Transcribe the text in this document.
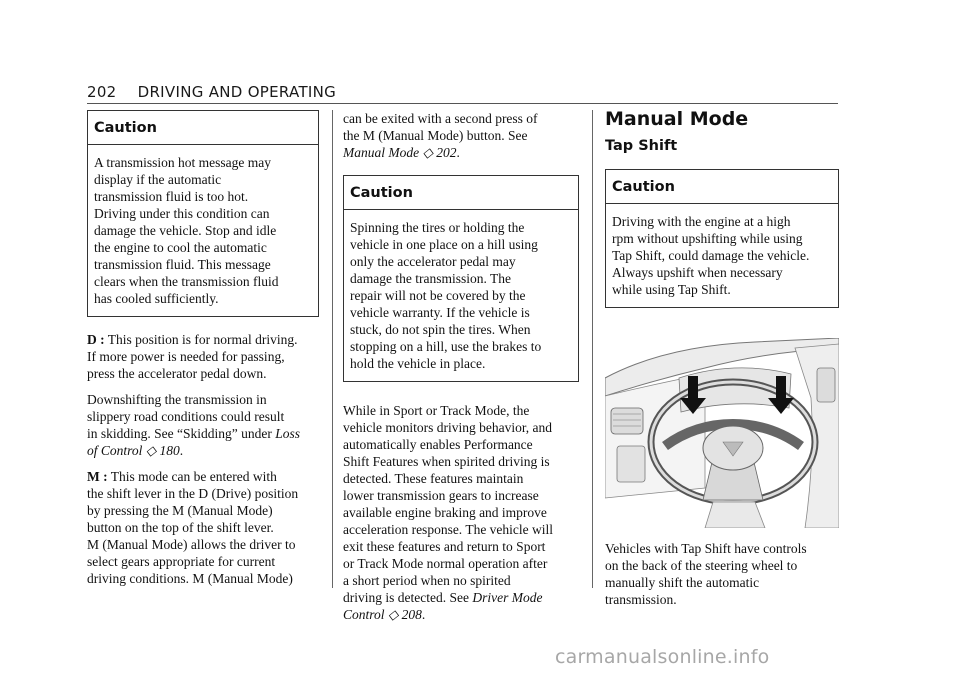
202 DRIVING AND OPERATING
Caution
A transmission hot message may
display if the automatic
transmission fluid is too hot.
Driving under this condition can
damage the vehicle. Stop and idle
the engine to cool the automatic
transmission fluid. This message
clears when the transmission fluid
has cooled sufficiently.

D : This position is for normal driving.
If more power is needed for passing,
press the accelerator pedal down.

Downshifting the transmission in
slippery road conditions could result
in skidding. See “Skidding” under Loss
of Control ◇ 180.

M : This mode can be entered with
the shift lever in the D (Drive) position
by pressing the M (Manual Mode)
button on the top of the shift lever.
M (Manual Mode) allows the driver to
select gears appropriate for current
driving conditions. M (Manual Mode)

can be exited with a second press of
the M (Manual Mode) button. See
Manual Mode ◇ 202.

Caution
Spinning the tires or holding the
vehicle in one place on a hill using
only the accelerator pedal may
damage the transmission. The
repair will not be covered by the
vehicle warranty. If the vehicle is
stuck, do not spin the tires. When
stopping on a hill, use the brakes to
hold the vehicle in place.

While in Sport or Track Mode, the
vehicle monitors driving behavior, and
automatically enables Performance
Shift Features when spirited driving is
detected. These features maintain
lower transmission gears to increase
available engine braking and improve
acceleration response. The vehicle will
exit these features and return to Sport
or Track Mode normal operation after
a short period when no spirited
driving is detected. See Driver Mode
Control ◇ 208.

Manual Mode
Tap Shift
Caution
Driving with the engine at a high
rpm without upshifting while using
Tap Shift, could damage the vehicle.
Always upshift when necessary
while using Tap Shift.

Vehicles with Tap Shift have controls
on the back of the steering wheel to
manually shift the automatic
transmission.

carmanualsonline.info
